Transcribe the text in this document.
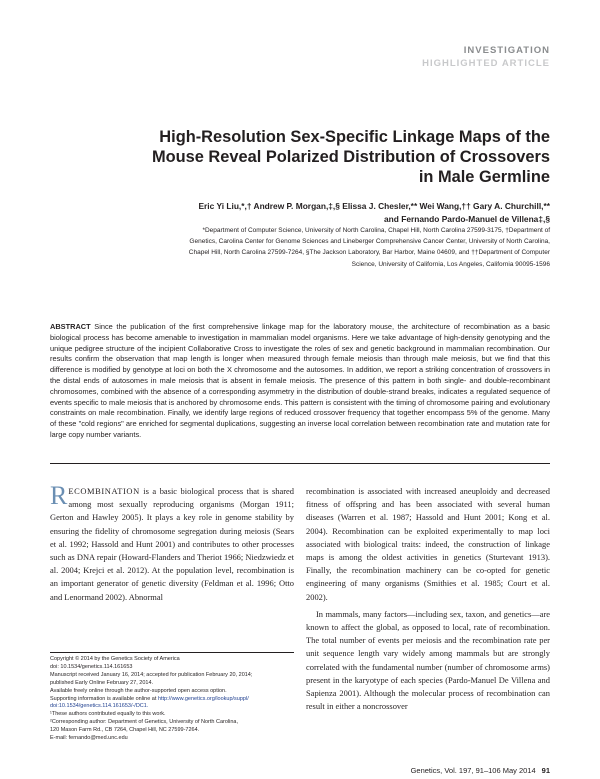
INVESTIGATION
HIGHLIGHTED ARTICLE
High-Resolution Sex-Specific Linkage Maps of the
Mouse Reveal Polarized Distribution of Crossovers
in Male Germline
Eric Yi Liu,*,† Andrew P. Morgan,‡,§ Elissa J. Chesler,** Wei Wang,†† Gary A. Churchill,**
and Fernando Pardo-Manuel de Villena‡,§
*Department of Computer Science, University of North Carolina, Chapel Hill, North Carolina 27599-3175, †Department of
Genetics, Carolina Center for Genome Sciences and Lineberger Comprehensive Cancer Center, University of North Carolina,
Chapel Hill, North Carolina 27599-7264, §The Jackson Laboratory, Bar Harbor, Maine 04609, and ††Department of Computer
Science, University of California, Los Angeles, California 90095-1596
ABSTRACT Since the publication of the first comprehensive linkage map for the laboratory mouse, the architecture of recombination as a basic biological process has become amenable to investigation in mammalian model organisms. Here we take advantage of high-density genotyping and the unique pedigree structure of the incipient Collaborative Cross to investigate the roles of sex and genetic background in mammalian recombination. Our results confirm the observation that map length is longer when measured through female meiosis than through male meiosis, but we find that this difference is modified by genotype at loci on both the X chromosome and the autosomes. In addition, we report a striking concentration of crossovers in the distal ends of autosomes in male meiosis that is absent in female meiosis. The presence of this pattern in both single- and double-recombinant chromosomes, combined with the absence of a corresponding asymmetry in the distribution of double-strand breaks, indicates a regulated sequence of events specific to male meiosis that is anchored by chromosome ends. This pattern is consistent with the timing of chromosome pairing and evolutionary constraints on male recombination. Finally, we identify large regions of reduced crossover frequency that together encompass 5% of the genome. Many of these "cold regions" are enriched for segmental duplications, suggesting an inverse local correlation between recombination rate and mutation rate for large copy number variants.

RECOMBINATION is a basic biological process that is shared among most sexually reproducing organisms (Morgan 1911; Gerton and Hawley 2005). It plays a key role in genome stability by ensuring the fidelity of chromosome segregation during meiosis (Sears et al. 1992; Hassold and Hunt 2001) and contributes to other processes such as DNA repair (Howard-Flanders and Theriot 1966; Niedzwiedz et al. 2004; Krejci et al. 2012). At the population level, recombination is an important generator of genetic diversity (Feldman et al. 1996; Otto and Lenormand 2002). Abnormal

recombination is associated with increased aneuploidy and decreased fitness of offspring and has been associated with several human diseases (Warren et al. 1987; Hassold and Hunt 2001; Kong et al. 2004). Recombination can be exploited experimentally to map loci associated with biological traits: indeed, the construction of linkage maps is among the oldest activities in genetics (Sturtevant 1913). Finally, the recombination machinery can be co-opted for genetic engineering of many organisms (Smithies et al. 1985; Court et al. 2002).

In mammals, many factors—including sex, taxon, and genetics—are known to affect the global, as opposed to local, rate of recombination. The total number of events per meiosis and the recombination rate per unit sequence length vary widely among mammals but are strongly correlated with the fundamental number (number of chromosome arms) present in the karyotype of each species (Pardo-Manuel De Villena and Sapienza 2001). Although the molecular process of recombination can result in either a noncrossover

Copyright © 2014 by the Genetics Society of America
doi: 10.1534/genetics.114.161653
Manuscript received January 16, 2014; accepted for publication February 20, 2014;
published Early Online February 27, 2014.
Available freely online through the author-supported open access option.
Supporting information is available online at http://www.genetics.org/lookup/suppl/
doi:10.1534/genetics.114.161653/-/DC1.
¹These authors contributed equally to this work.
²Corresponding author: Department of Genetics, University of North Carolina,
120 Mason Farm Rd., CB 7264, Chapel Hill, NC 27599-7264.
E-mail: fernando@med.unc.edu
Genetics, Vol. 197, 91–106 May 2014 91
